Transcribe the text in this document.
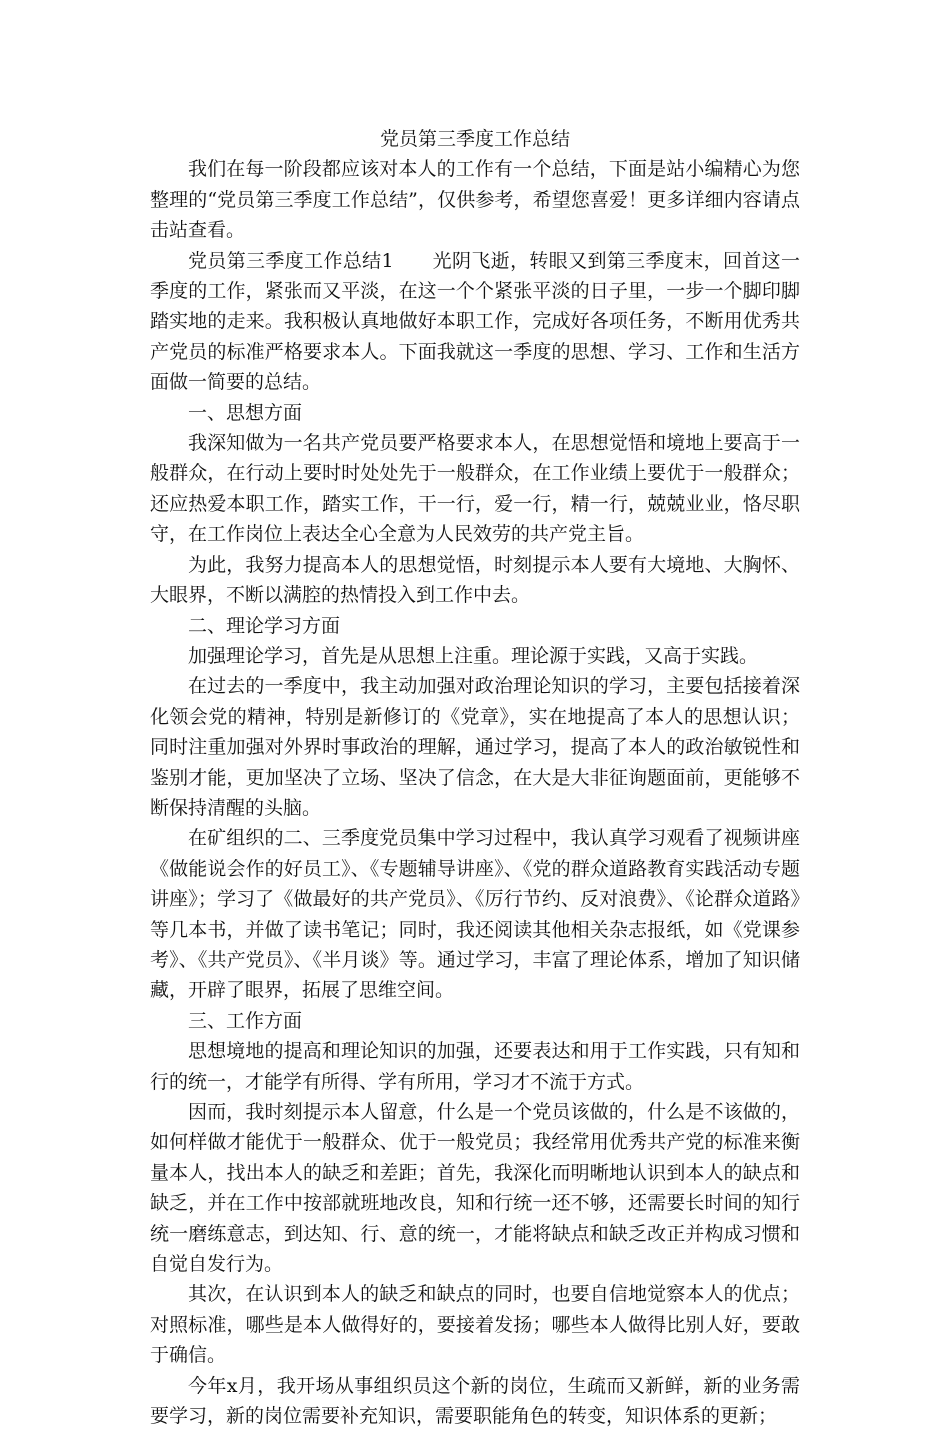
党员第三季度工作总结

我们在每一阶段都应该对本人的工作有一个总结，下面是站小编精心为您整理的“党员第三季度工作总结”，仅供参考，希望您喜爱！更多详细内容请点击站查看。

党员第三季度工作总结1　　光阴飞逝，转眼又到第三季度末，回首这一季度的工作，紧张而又平淡，在这一个个紧张平淡的日子里，一步一个脚印脚踏实地的走来。我积极认真地做好本职工作，完成好各项任务，不断用优秀共产党员的标准严格要求本人。下面我就这一季度的思想、学习、工作和生活方面做一简要的总结。

一、思想方面

我深知做为一名共产党员要严格要求本人，在思想觉悟和境地上要高于一般群众，在行动上要时时处处先于一般群众，在工作业绩上要优于一般群众；还应热爱本职工作，踏实工作，干一行，爱一行，精一行，兢兢业业，恪尽职守，在工作岗位上表达全心全意为人民效劳的共产党主旨。

为此，我努力提高本人的思想觉悟，时刻提示本人要有大境地、大胸怀、大眼界，不断以满腔的热情投入到工作中去。

二、理论学习方面

加强理论学习，首先是从思想上注重。理论源于实践，又高于实践。

在过去的一季度中，我主动加强对政治理论知识的学习，主要包括接着深化领会党的精神，特别是新修订的《党章》，实在地提高了本人的思想认识；同时注重加强对外界时事政治的理解，通过学习，提高了本人的政治敏锐性和鉴别才能，更加坚决了立场、坚决了信念，在大是大非征询题面前，更能够不断保持清醒的头脑。

在矿组织的二、三季度党员集中学习过程中，我认真学习观看了视频讲座《做能说会作的好员工》、《专题辅导讲座》、《党的群众道路教育实践活动专题讲座》；学习了《做最好的共产党员》、《厉行节约、反对浪费》、《论群众道路》等几本书，并做了读书笔记；同时，我还阅读其他相关杂志报纸，如《党课参考》、《共产党员》、《半月谈》等。通过学习，丰富了理论体系，增加了知识储藏，开辟了眼界，拓展了思维空间。

三、工作方面

思想境地的提高和理论知识的加强，还要表达和用于工作实践，只有知和行的统一，才能学有所得、学有所用，学习才不流于方式。

因而，我时刻提示本人留意，什么是一个党员该做的，什么是不该做的，如何样做才能优于一般群众、优于一般党员；我经常用优秀共产党的标准来衡量本人，找出本人的缺乏和差距；首先，我深化而明晰地认识到本人的缺点和缺乏，并在工作中按部就班地改良，知和行统一还不够，还需要长时间的知行统一磨练意志，到达知、行、意的统一，才能将缺点和缺乏改正并构成习惯和自觉自发行为。

其次，在认识到本人的缺乏和缺点的同时，也要自信地觉察本人的优点；对照标准，哪些是本人做得好的，要接着发扬；哪些本人做得比别人好，要敢于确信。

今年x月，我开场从事组织员这个新的岗位，生疏而又新鲜，新的业务需要学习，新的岗位需要补充知识，需要职能角色的转变，知识体系的更新；
